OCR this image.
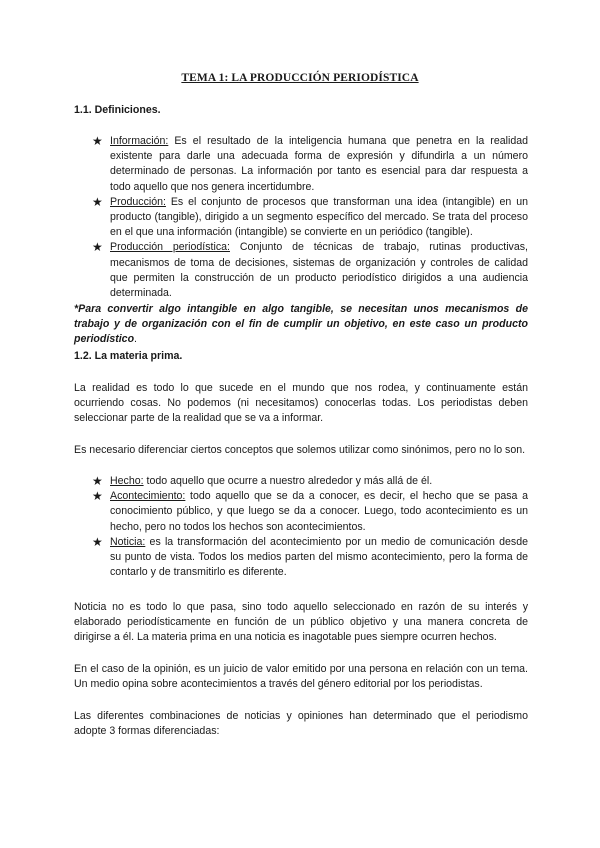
TEMA 1: LA PRODUCCIÓN PERIODÍSTICA
1.1. Definiciones.
★ Información: Es el resultado de la inteligencia humana que penetra en la realidad existente para darle una adecuada forma de expresión y difundirla a un número determinado de personas. La información por tanto es esencial para dar respuesta a todo aquello que nos genera incertidumbre.
★ Producción: Es el conjunto de procesos que transforman una idea (intangible) en un producto (tangible), dirigido a un segmento específico del mercado. Se trata del proceso en el que una información (intangible) se convierte en un periódico (tangible).
★ Producción periodística: Conjunto de técnicas de trabajo, rutinas productivas, mecanismos de toma de decisiones, sistemas de organización y controles de calidad que permiten la construcción de un producto periodístico dirigidos a una audiencia determinada.
*Para convertir algo intangible en algo tangible, se necesitan unos mecanismos de trabajo y de organización con el fin de cumplir un objetivo, en este caso un producto periodístico.
1.2. La materia prima.
La realidad es todo lo que sucede en el mundo que nos rodea, y continuamente están ocurriendo cosas. No podemos (ni necesitamos) conocerlas todas. Los periodistas deben seleccionar parte de la realidad que se va a informar.
Es necesario diferenciar ciertos conceptos que solemos utilizar como sinónimos, pero no lo son.
★ Hecho: todo aquello que ocurre a nuestro alrededor y más allá de él.
★ Acontecimiento: todo aquello que se da a conocer, es decir, el hecho que se pasa a conocimiento público, y que luego se da a conocer. Luego, todo acontecimiento es un hecho, pero no todos los hechos son acontecimientos.
★ Noticia: es la transformación del acontecimiento por un medio de comunicación desde su punto de vista. Todos los medios parten del mismo acontecimiento, pero la forma de contarlo y de transmitirlo es diferente.
Noticia no es todo lo que pasa, sino todo aquello seleccionado en razón de su interés y elaborado periodísticamente en función de un público objetivo y una manera concreta de dirigirse a él. La materia prima en una noticia es inagotable pues siempre ocurren hechos.
En el caso de la opinión, es un juicio de valor emitido por una persona en relación con un tema. Un medio opina sobre acontecimientos a través del género editorial por los periodistas.
Las diferentes combinaciones de noticias y opiniones han determinado que el periodismo adopte 3 formas diferenciadas:
